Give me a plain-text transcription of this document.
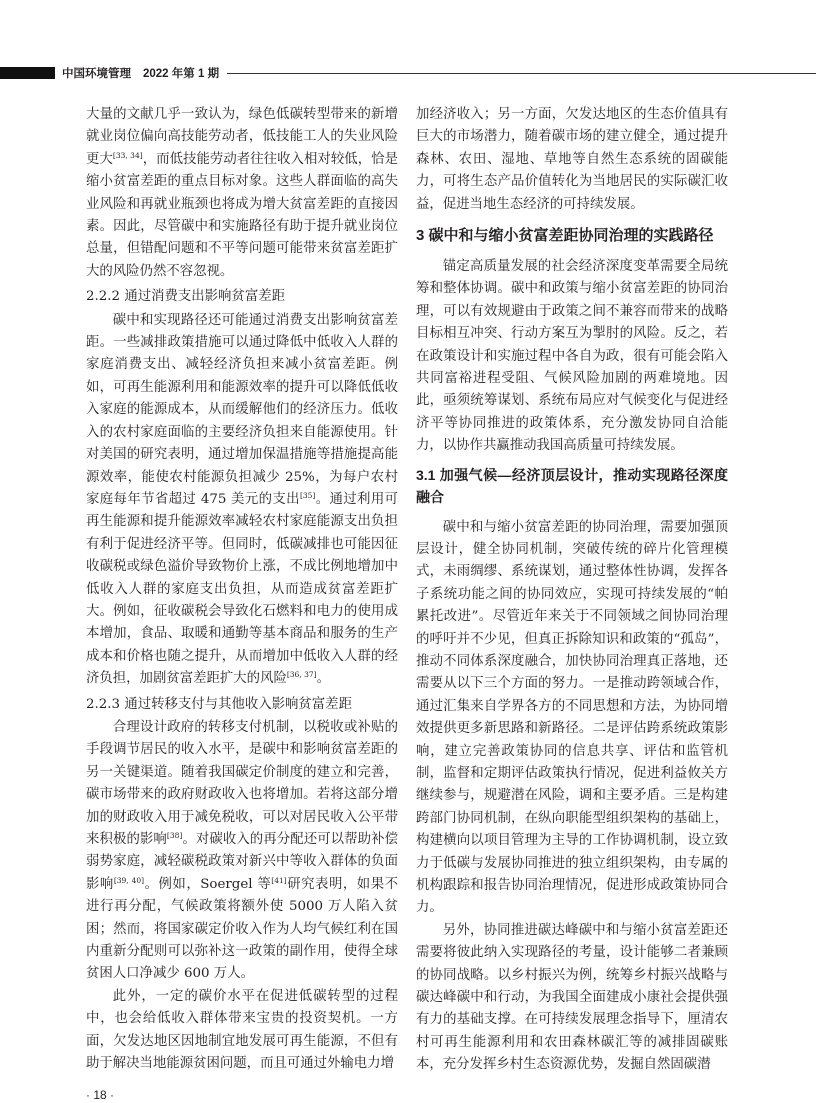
中国环境管理 2022 年第 1 期

大量的文献几乎一致认为，绿色低碳转型带来的新增就业岗位偏向高技能劳动者，低技能工人的失业风险更大[33, 34]，而低技能劳动者往往收入相对较低，恰是缩小贫富差距的重点目标对象。这些人群面临的高失业风险和再就业瓶颈也将成为增大贫富差距的直接因素。因此，尽管碳中和实施路径有助于提升就业岗位总量，但错配问题和不平等问题可能带来贫富差距扩大的风险仍然不容忽视。

2.2.2 通过消费支出影响贫富差距

碳中和实现路径还可能通过消费支出影响贫富差距。一些减排政策措施可以通过降低中低收入人群的家庭消费支出、减轻经济负担来减小贫富差距。例如，可再生能源利用和能源效率的提升可以降低低收入家庭的能源成本，从而缓解他们的经济压力。低收入的农村家庭面临的主要经济负担来自能源使用。针对美国的研究表明，通过增加保温措施等措施提高能源效率，能使农村能源负担减少 25%，为每户农村家庭每年节省超过 475 美元的支出[35]。通过利用可再生能源和提升能源效率减轻农村家庭能源支出负担有利于促进经济平等。但同时，低碳减排也可能因征收碳税或绿色溢价导致物价上涨，不成比例地增加中低收入人群的家庭支出负担，从而造成贫富差距扩大。例如，征收碳税会导致化石燃料和电力的使用成本增加，食品、取暖和通勤等基本商品和服务的生产成本和价格也随之提升，从而增加中低收入人群的经济负担，加剧贫富差距扩大的风险[36, 37]。

2.2.3 通过转移支付与其他收入影响贫富差距

合理设计政府的转移支付机制，以税收或补贴的手段调节居民的收入水平，是碳中和影响贫富差距的另一关键渠道。随着我国碳定价制度的建立和完善，碳市场带来的政府财政收入也将增加。若将这部分增加的财政收入用于减免税收，可以对居民收入公平带来积极的影响[38]。对碳收入的再分配还可以帮助补偿弱势家庭，减轻碳税政策对新兴中等收入群体的负面影响[39, 40]。例如，Soergel 等[41]研究表明，如果不进行再分配，气候政策将额外使 5000 万人陷入贫困；然而，将国家碳定价收入作为人均气候红利在国内重新分配则可以弥补这一政策的副作用，使得全球贫困人口净减少 600 万人。

此外，一定的碳价水平在促进低碳转型的过程中，也会给低收入群体带来宝贵的投资契机。一方面，欠发达地区因地制宜地发展可再生能源，不但有助于解决当地能源贫困问题，而且可通过外输电力增

· 18 ·

加经济收入；另一方面，欠发达地区的生态价值具有巨大的市场潜力，随着碳市场的建立健全，通过提升森林、农田、湿地、草地等自然生态系统的固碳能力，可将生态产品价值转化为当地居民的实际碳汇收益，促进当地生态经济的可持续发展。

3 碳中和与缩小贫富差距协同治理的实践路径

锚定高质量发展的社会经济深度变革需要全局统筹和整体协调。碳中和政策与缩小贫富差距的协同治理，可以有效规避由于政策之间不兼容而带来的战略目标相互冲突、行动方案互为掣肘的风险。反之，若在政策设计和实施过程中各自为政，很有可能会陷入共同富裕进程受阻、气候风险加剧的两难境地。因此，亟须统筹谋划、系统布局应对气候变化与促进经济平等协同推进的政策体系，充分激发协同自洽能力，以协作共赢推动我国高质量可持续发展。

3.1 加强气候—经济顶层设计，推动实现路径深度融合

碳中和与缩小贫富差距的协同治理，需要加强顶层设计，健全协同机制，突破传统的碎片化管理模式，未雨绸缪、系统谋划，通过整体性协调，发挥各子系统功能之间的协同效应，实现可持续发展的“帕累托改进”。尽管近年来关于不同领域之间协同治理的呼吁并不少见，但真正拆除知识和政策的“孤岛”，推动不同体系深度融合，加快协同治理真正落地，还需要从以下三个方面的努力。一是推动跨领域合作，通过汇集来自学界各方的不同思想和方法，为协同增效提供更多新思路和新路径。二是评估跨系统政策影响，建立完善政策协同的信息共享、评估和监管机制，监督和定期评估政策执行情况，促进利益攸关方继续参与，规避潜在风险，调和主要矛盾。三是构建跨部门协同机制，在纵向职能型组织架构的基础上，构建横向以项目管理为主导的工作协调机制，设立致力于低碳与发展协同推进的独立组织架构，由专属的机构跟踪和报告协同治理情况，促进形成政策协同合力。

另外，协同推进碳达峰碳中和与缩小贫富差距还需要将彼此纳入实现路径的考量，设计能够二者兼顾的协同战略。以乡村振兴为例，统筹乡村振兴战略与碳达峰碳中和行动，为我国全面建成小康社会提供强有力的基础支撑。在可持续发展理念指导下，厘清农村可再生能源利用和农田森林碳汇等的减排固碳账本，充分发挥乡村生态资源优势，发掘自然固碳潜
